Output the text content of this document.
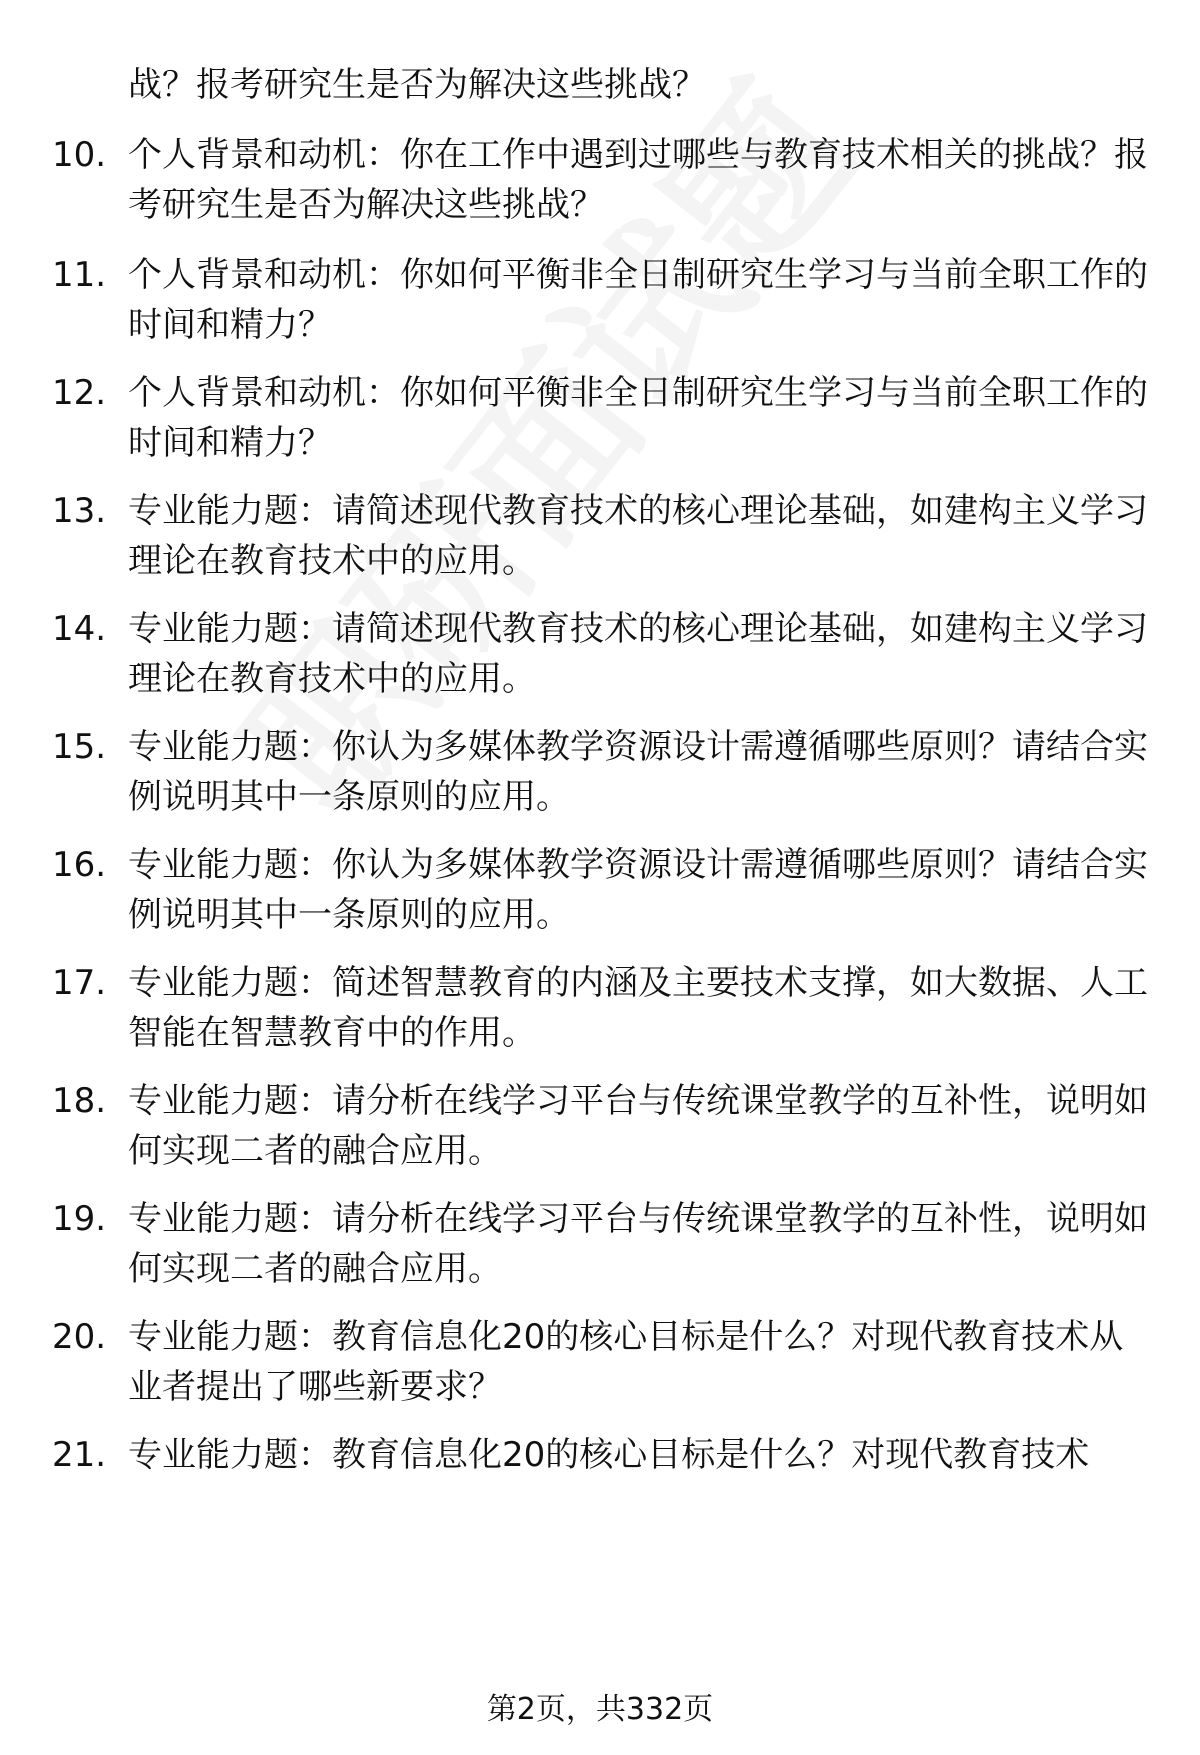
战？报考研究生是否为解决这些挑战？
10. 个人背景和动机：你在工作中遇到过哪些与教育技术相关的挑战？报考研究生是否为解决这些挑战？
11. 个人背景和动机：你如何平衡非全日制研究生学习与当前全职工作的时间和精力？
12. 个人背景和动机：你如何平衡非全日制研究生学习与当前全职工作的时间和精力？
13. 专业能力题：请简述现代教育技术的核心理论基础，如建构主义学习理论在教育技术中的应用。
14. 专业能力题：请简述现代教育技术的核心理论基础，如建构主义学习理论在教育技术中的应用。
15. 专业能力题：你认为多媒体教学资源设计需遵循哪些原则？请结合实例说明其中一条原则的应用。
16. 专业能力题：你认为多媒体教学资源设计需遵循哪些原则？请结合实例说明其中一条原则的应用。
17. 专业能力题：简述智慧教育的内涵及主要技术支撑，如大数据、人工智能在智慧教育中的作用。
18. 专业能力题：请分析在线学习平台与传统课堂教学的互补性，说明如何实现二者的融合应用。
19. 专业能力题：请分析在线学习平台与传统课堂教学的互补性，说明如何实现二者的融合应用。
20. 专业能力题：教育信息化20的核心目标是什么？对现代教育技术从业者提出了哪些新要求？
21. 专业能力题：教育信息化20的核心目标是什么？对现代教育技术
第2页，共332页
